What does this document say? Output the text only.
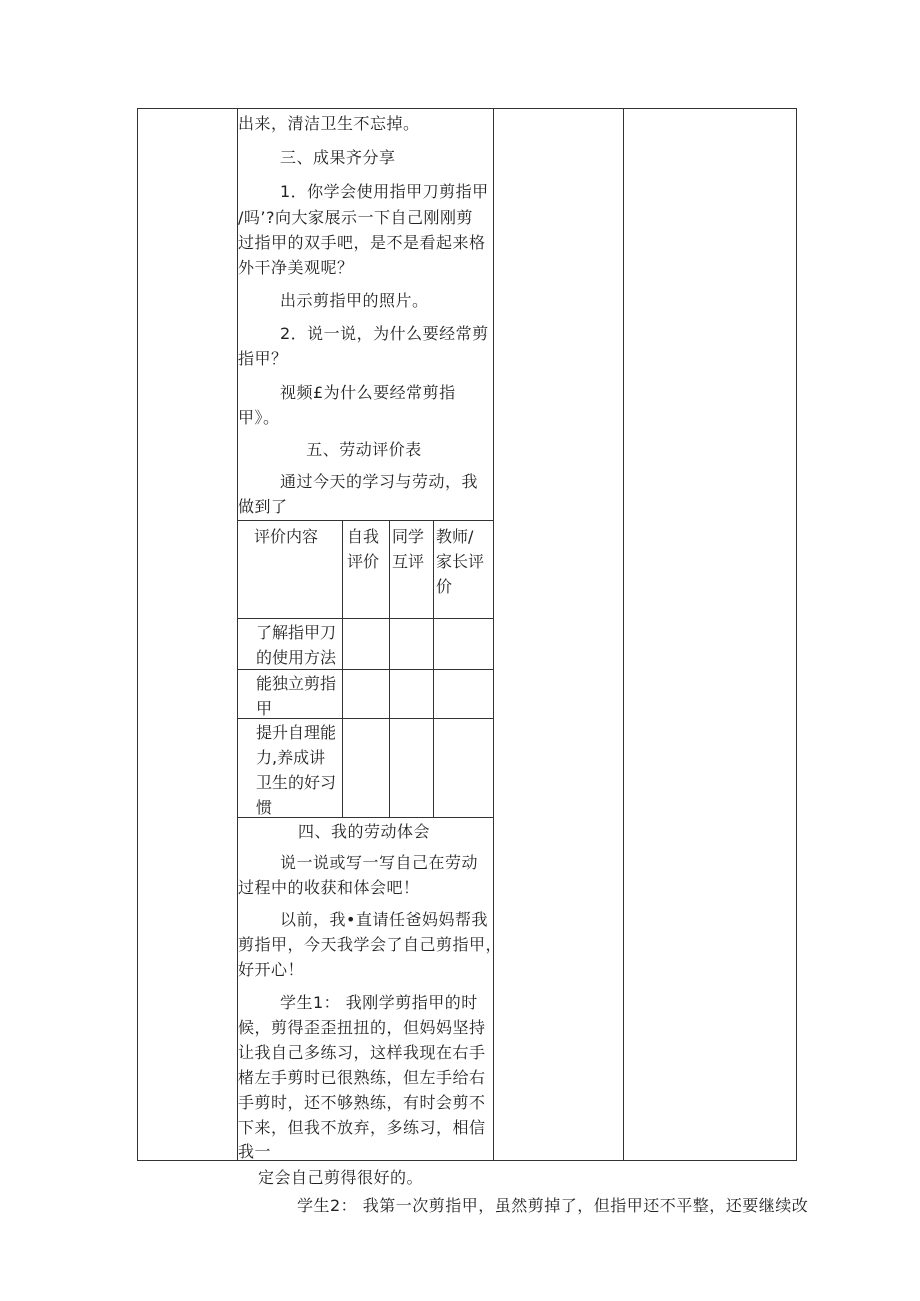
出来，清洁卫生不忘掉。

三、成果齐分享

1．你学会使用指甲刀剪指甲

/吗’?向大家展示一下自己刚刚剪

过指甲的双手吧，是不是看起来格

外干净美观呢？

出示剪指甲的照片。

2．说一说，为什么要经常剪

指甲？

视频£为什么要经常剪指

甲》。

五、劳动评价表

通过今天的学习与劳动，我

做到了

评价内容 自我
评价
同学
互评
教师/
家长评
价
了解指甲刀
的使用方法
能独立剪指
甲
提升自理能
力,养成讲
卫生的好习
惯

四、我的劳动体会

说一说或写一写自己在劳动

过程中的收获和体会吧！

以前，我•直请任爸妈妈帮我

剪指甲，今天我学会了自己剪指甲，

好开心！

学生1： 我刚学剪指甲的时

候，剪得歪歪扭扭的，但妈妈坚持

让我自己多练习，这样我现在右手

楮左手剪时已很熟练，但左手给右

手剪时，还不够熟练，有时会剪不

下来，但我不放弃，多练习，相信

我一

定会自己剪得很好的。

学生2： 我第一次剪指甲，虽然剪掉了，但指甲还不平整，还要继续改
